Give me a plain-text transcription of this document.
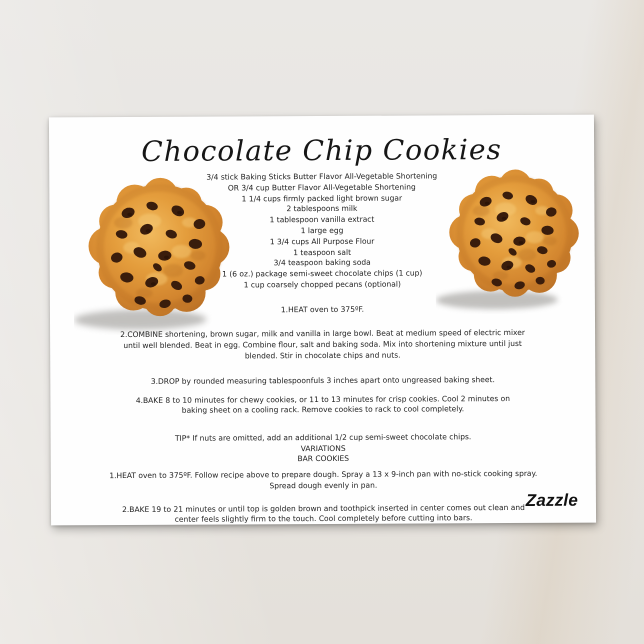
Chocolate Chip Cookies
3/4 stick Baking Sticks Butter Flavor All-Vegetable Shortening
OR 3/4 cup Butter Flavor All-Vegetable Shortening
1 1/4 cups firmly packed light brown sugar
2 tablespoons milk
1 tablespoon vanilla extract
1 large egg
1 3/4 cups All Purpose Flour
1 teaspoon salt
3/4 teaspoon baking soda
1 (6 oz.) package semi-sweet chocolate chips (1 cup)
1 cup coarsely chopped pecans (optional)
1.HEAT oven to 375ºF.
2.COMBINE shortening, brown sugar, milk and vanilla in large bowl. Beat at medium speed of electric mixer until well blended. Beat in egg. Combine flour, salt and baking soda. Mix into shortening mixture until just blended. Stir in chocolate chips and nuts.
3.DROP by rounded measuring tablespoonfuls 3 inches apart onto ungreased baking sheet.
4.BAKE 8 to 10 minutes for chewy cookies, or 11 to 13 minutes for crisp cookies. Cool 2 minutes on baking sheet on a cooling rack. Remove cookies to rack to cool completely.
TIP* If nuts are omitted, add an additional 1/2 cup semi-sweet chocolate chips.
VARIATIONS
BAR COOKIES
1.HEAT oven to 375ºF. Follow recipe above to prepare dough. Spray a 13 x 9-inch pan with no-stick cooking spray. Spread dough evenly in pan.
2.BAKE 19 to 21 minutes or until top is golden brown and toothpick inserted in center comes out clean and center feels slightly firm to the touch. Cool completely before cutting into bars.
Zazzle
